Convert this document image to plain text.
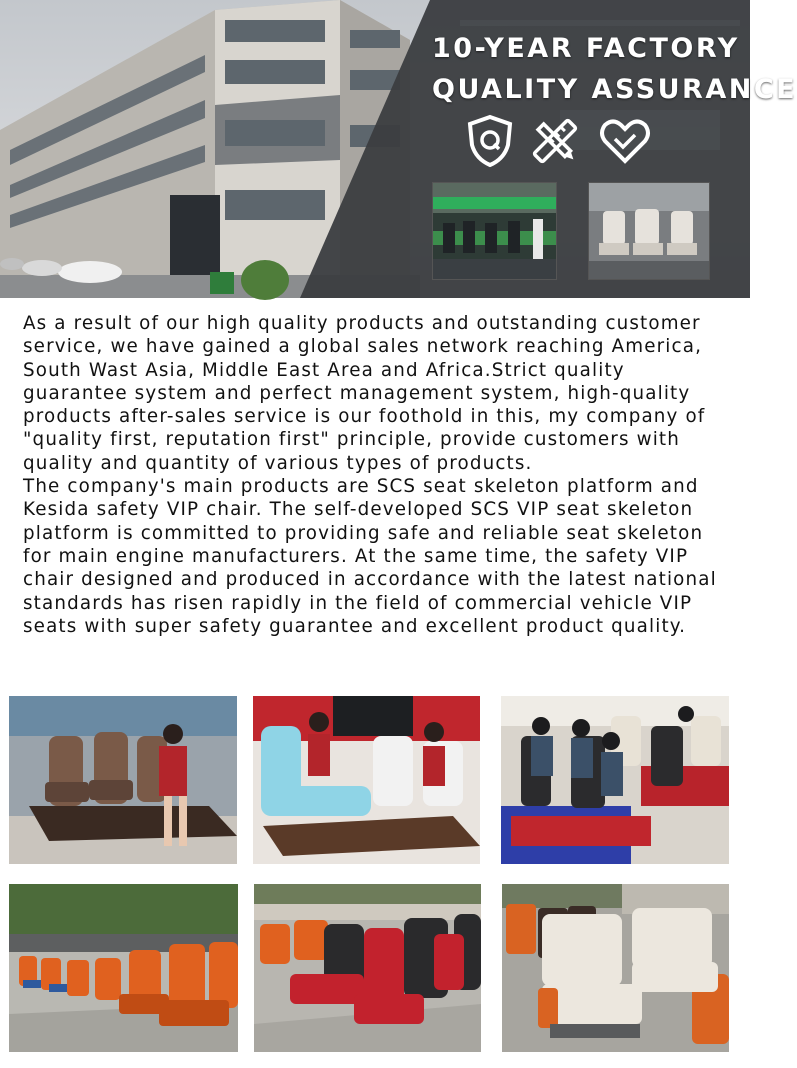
10-YEAR FACTORY
QUALITY ASSURANCE

As a result of our high quality products and outstanding customer service, we have gained a global sales network reaching America, South Wast Asia, Middle East Area and Africa.Strict quality guarantee system and perfect management system, high-quality products after-sales service is our foothold in this, my company of "quality first, reputation first" principle, provide customers with quality and quantity of various types of products.

The company's main products are SCS seat skeleton platform and Kesida safety VIP chair. The self-developed SCS VIP seat skeleton platform is committed to providing safe and reliable seat skeleton for main engine manufacturers. At the same time, the safety VIP chair designed and produced in accordance with the latest national standards has risen rapidly in the field of commercial vehicle VIP seats with super safety guarantee and excellent product quality.
